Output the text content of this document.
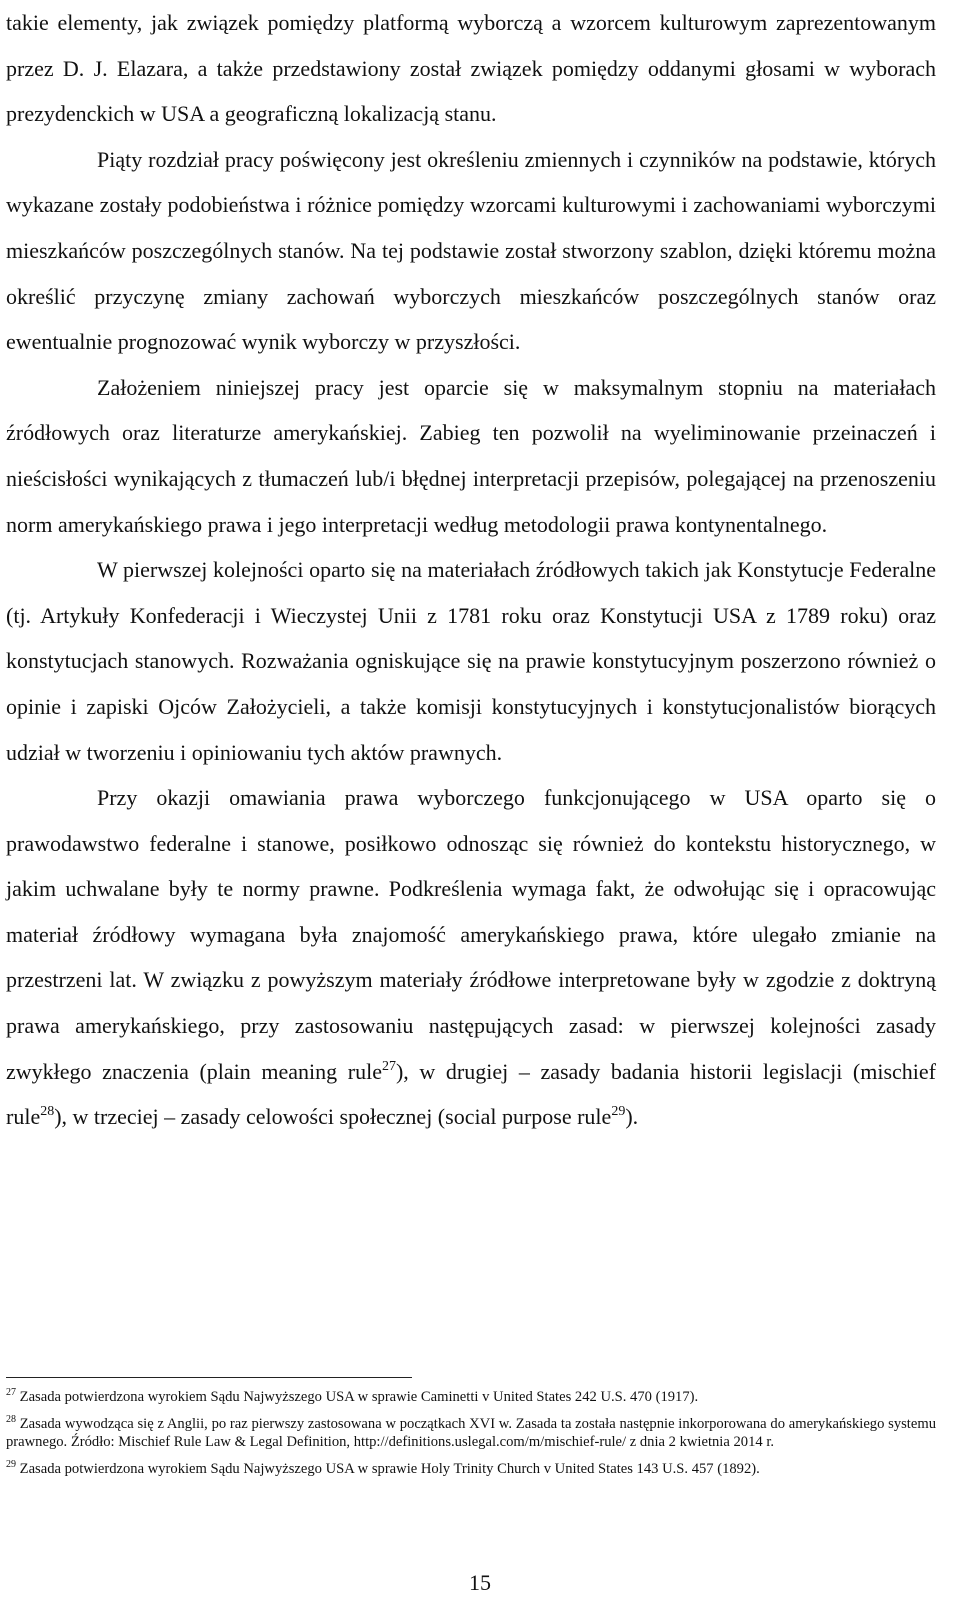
takie elementy, jak związek pomiędzy platformą wyborczą a wzorcem kulturowym zaprezentowanym przez D. J. Elazara, a także przedstawiony został związek pomiędzy oddanymi głosami w wyborach prezydenckich w USA a geograficzną lokalizacją stanu.

Piąty rozdział pracy poświęcony jest określeniu zmiennych i czynników na podstawie, których wykazane zostały podobieństwa i różnice pomiędzy wzorcami kulturowymi i zachowaniami wyborczymi mieszkańców poszczególnych stanów. Na tej podstawie został stworzony szablon, dzięki któremu można określić przyczynę zmiany zachowań wyborczych mieszkańców poszczególnych stanów oraz ewentualnie prognozować wynik wyborczy w przyszłości.

Założeniem niniejszej pracy jest oparcie się w maksymalnym stopniu na materiałach źródłowych oraz literaturze amerykańskiej. Zabieg ten pozwolił na wyeliminowanie przeinaczeń i nieścisłości wynikających z tłumaczeń lub/i błędnej interpretacji przepisów, polegającej na przenoszeniu norm amerykańskiego prawa i jego interpretacji według metodologii prawa kontynentalnego.

W pierwszej kolejności oparto się na materiałach źródłowych takich jak Konstytucje Federalne (tj. Artykuły Konfederacji i Wieczystej Unii z 1781 roku oraz Konstytucji USA z 1789 roku) oraz konstytucjach stanowych. Rozważania ogniskujące się na prawie konstytucyjnym poszerzono również o opinie i zapiski Ojców Założycieli, a także komisji konstytucyjnych i konstytucjonalistów biorących udział w tworzeniu i opiniowaniu tych aktów prawnych.

Przy okazji omawiania prawa wyborczego funkcjonującego w USA oparto się o prawodawstwo federalne i stanowe, posiłkowo odnosząc się również do kontekstu historycznego, w jakim uchwalane były te normy prawne. Podkreślenia wymaga fakt, że odwołując się i opracowując materiał źródłowy wymagana była znajomość amerykańskiego prawa, które ulegało zmianie na przestrzeni lat. W związku z powyższym materiały źródłowe interpretowane były w zgodzie z doktryną prawa amerykańskiego, przy zastosowaniu następujących zasad: w pierwszej kolejności zasady zwykłego znaczenia (plain meaning rule$^{27}$), w drugiej – zasady badania historii legislacji (mischief rule$^{28}$), w trzeciej – zasady celowości społecznej (social purpose rule$^{29}$).

$^{27}$ Zasada potwierdzona wyrokiem Sądu Najwyższego USA w sprawie Caminetti v United States 242 U.S. 470 (1917).

$^{28}$ Zasada wywodząca się z Anglii, po raz pierwszy zastosowana w początkach XVI w. Zasada ta została następnie inkorporowana do amerykańskiego systemu prawnego. Źródło: Mischief Rule Law & Legal Definition, http://definitions.uslegal.com/m/mischief-rule/ z dnia 2 kwietnia 2014 r.

$^{29}$ Zasada potwierdzona wyrokiem Sądu Najwyższego USA w sprawie Holy Trinity Church v United States 143 U.S. 457 (1892).

15
